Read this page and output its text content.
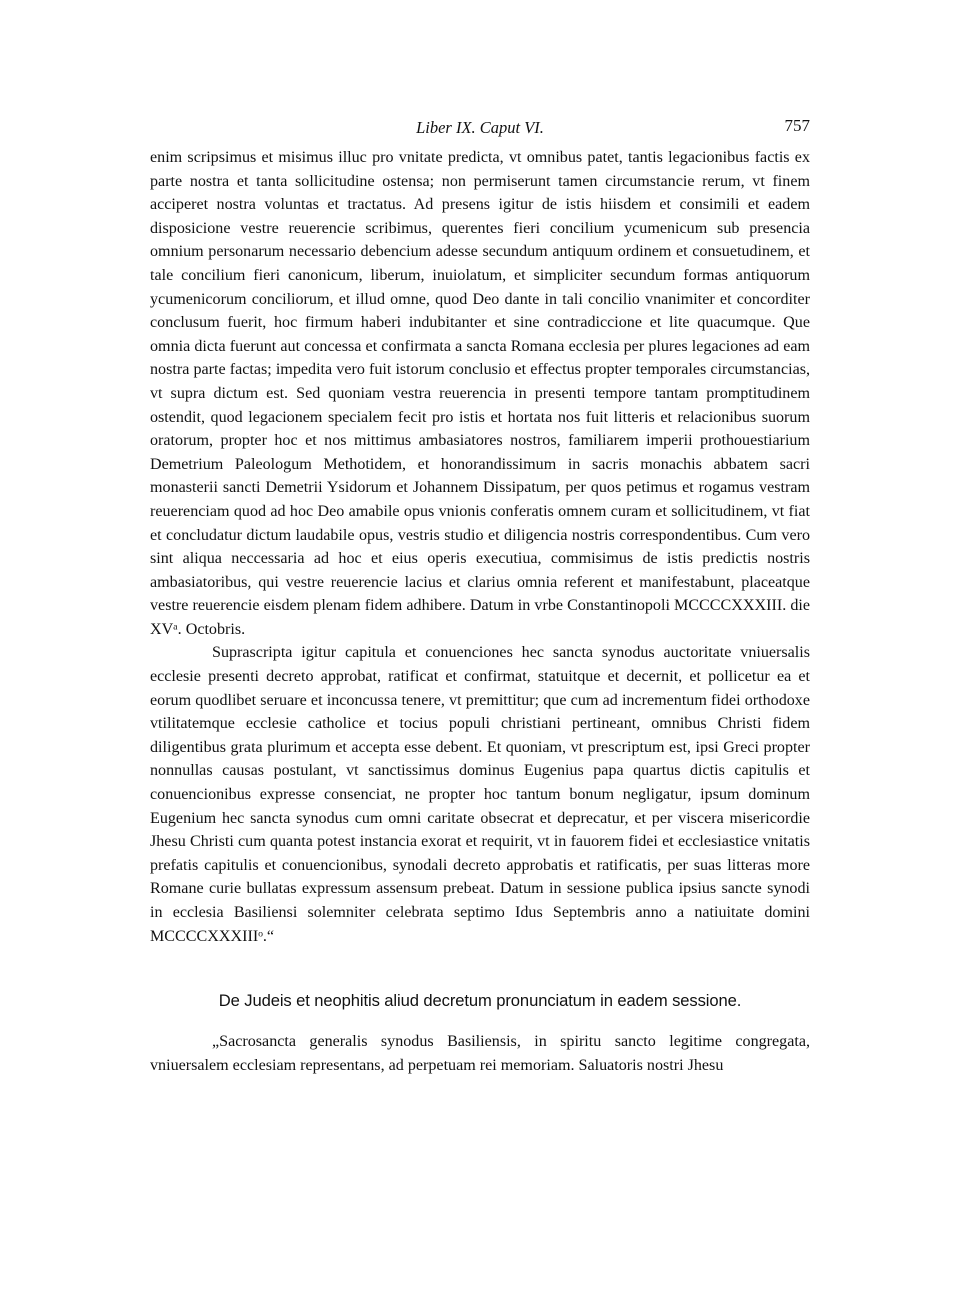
Liber IX. Caput VI.	757

enim scripsimus et misimus illuc pro vnitate predicta, vt omnibus patet, tantis legacionibus factis ex parte nostra et tanta sollicitudine ostensa; non permiserunt tamen circumstancie rerum, vt finem acciperet nostra voluntas et tractatus. Ad presens igitur de istis hiisdem et consimili et eadem disposicione vestre reuerencie scribimus, querentes fieri concilium ycumenicum sub presencia omnium personarum necessario debencium adesse secundum antiquum ordinem et consuetudinem, et tale concilium fieri canonicum, liberum, inuiolatum, et simpliciter secundum formas antiquorum ycumenicorum conciliorum, et illud omne, quod Deo dante in tali concilio vnanimiter et concorditer conclusum fuerit, hoc firmum haberi indubitanter et sine contradiccione et lite quacumque. Que omnia dicta fuerunt aut concessa et confirmata a sancta Romana ecclesia per plures legaciones ad eam nostra parte factas; impedita vero fuit istorum conclusio et effectus propter temporales circumstancias, vt supra dictum est. Sed quoniam vestra reuerencia in presenti tempore tantam promptitudinem ostendit, quod legacionem specialem fecit pro istis et hortata nos fuit litteris et relacionibus suorum oratorum, propter hoc et nos mittimus ambasiatores nostros, familiarem imperii prothouestiarium Demetrium Paleologum Methotidem, et honorandissimum in sacris monachis abbatem sacri monasterii sancti Demetrii Ysidorum et Johannem Dissipatum, per quos petimus et rogamus vestram reuerenciam quod ad hoc Deo amabile opus vnionis conferatis omnem curam et sollicitudinem, vt fiat et concludatur dictum laudabile opus, vestris studio et diligencia nostris correspondentibus. Cum vero sint aliqua neccessaria ad hoc et eius operis executiua, commisimus de istis predictis nostris ambasiatoribus, qui vestre reuerencie lacius et clarius omnia referent et manifestabunt, placeatque vestre reuerencie eisdem plenam fidem adhibere. Datum in vrbe Constantinopoli MCCCCXXXIII. die XVᵃ. Octobris.

Suprascripta igitur capitula et conuenciones hec sancta synodus auctoritate vniuersalis ecclesie presenti decreto approbat, ratificat et confirmat, statuitque et decernit, et pollicetur ea et eorum quodlibet seruare et inconcussa tenere, vt premittitur; que cum ad incrementum fidei orthodoxe vtilitatemque ecclesie catholice et tocius populi christiani pertineant, omnibus Christi fidem diligentibus grata plurimum et accepta esse debent. Et quoniam, vt prescriptum est, ipsi Greci propter nonnullas causas postulant, vt sanctissimus dominus Eugenius papa quartus dictis capitulis et conuencionibus expresse consenciat, ne propter hoc tantum bonum negligatur, ipsum dominum Eugenium hec sancta synodus cum omni caritate obsecrat et deprecatur, et per viscera misericordie Jhesu Christi cum quanta potest instancia exorat et requirit, vt in fauorem fidei et ecclesiastice vnitatis prefatis capitulis et conuencionibus, synodali decreto approbatis et ratificatis, per suas litteras more Romane curie bullatas expressum assensum prebeat. Datum in sessione publica ipsius sancte synodi in ecclesia Basiliensi solemniter celebrata septimo Idus Septembris anno a natiuitate domini MCCCCXXXIIIᵒ.“

De Judeis et neophitis aliud decretum pronunciatum in eadem sessione.

„Sacrosancta generalis synodus Basiliensis, in spiritu sancto legitime congregata, vniuersalem ecclesiam representans, ad perpetuam rei memoriam. Saluatoris nostri Jhesu
